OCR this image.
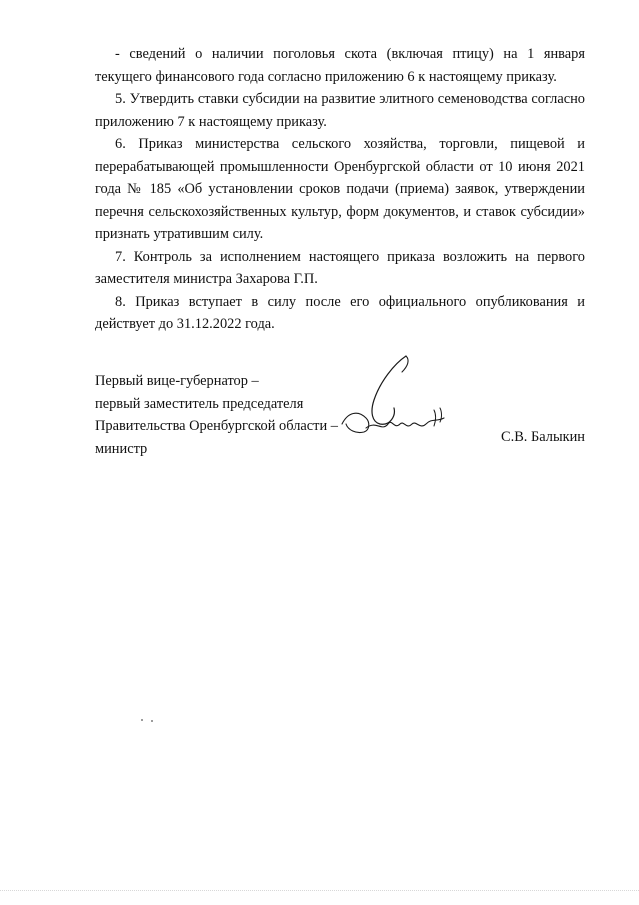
- сведений о наличии поголовья скота (включая птицу) на 1 января текущего финансового года согласно приложению 6 к настоящему приказу.

5. Утвердить ставки субсидии на развитие элитного семеноводства согласно приложению 7 к настоящему приказу.

6. Приказ министерства сельского хозяйства, торговли, пищевой и перерабатывающей промышленности Оренбургской области от 10 июня 2021 года № 185 «Об установлении сроков подачи (приема) заявок, утверждении перечня сельскохозяйственных культур, форм документов, и ставок субсидии» признать утратившим силу.

7. Контроль за исполнением настоящего приказа возложить на первого заместителя министра Захарова Г.П.

8. Приказ вступает в силу после его официального опубликования и действует до 31.12.2022 года.

Первый вице-губернатор –
первый заместитель председателя
Правительства Оренбургской области –
министр
С.В. Балыкин
